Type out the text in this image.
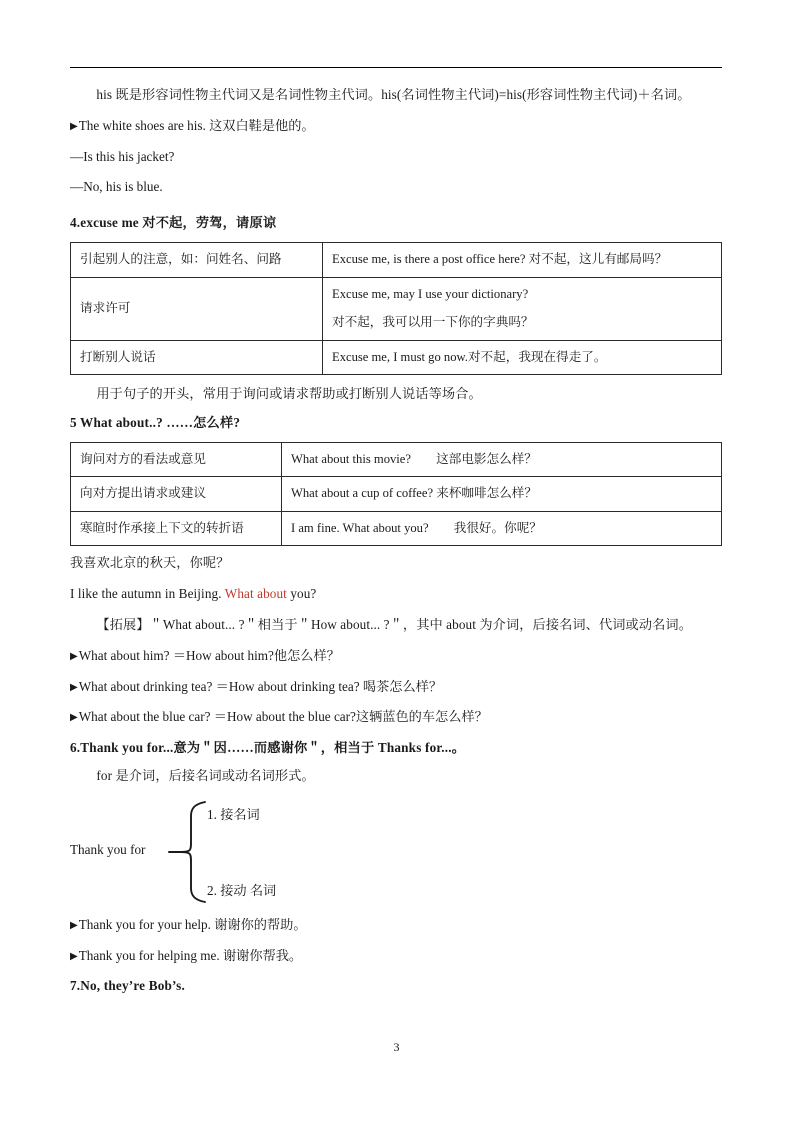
his 既是形容词性物主代词又是名词性物主代词。his(名词性物主代词)=his(形容词性物主代词)＋名词。

▶The white shoes are his. 这双白鞋是他的。

—Is this his jacket?

—No, his is blue.

4.excuse me 对不起，劳驾，请原谅

引起别人的注意，如：问姓名、问路	Excuse me, is there a post office here? 对不起，这儿有邮局吗？

请求许可	Excuse me, may I use your dictionary?

对不起，我可以用一下你的字典吗？

打断别人说话	Excuse me, I must go now.对不起，我现在得走了。

用于句子的开头，常用于询问或请求帮助或打断别人说话等场合。

5 What about..? ……怎么样?

询问对方的看法或意见	What about this movie?　　这部电影怎么样？

向对方提出请求或建议	What about a cup of coffee? 来杯咖啡怎么样？

寒暄时作承接上下文的转折语	I am fine. What about you?　　我很好。你呢？

我喜欢北京的秋天，你呢？

I like the autumn in Beijing. What about you?

【拓展】＂What about... ?＂相当于＂How about... ?＂，其中 about 为介词，后接名词、代词或动名词。

▶What about him? ＝How about him?他怎么样？

▶What about drinking tea? ＝How about drinking tea? 喝茶怎么样？

▶What about the blue car? ＝How about the blue car?这辆蓝色的车怎么样？

6.Thank you for...意为＂因……而感谢你＂，相当于 Thanks for...。

for 是介词，后接名词或动名词形式。

Thank you for
1. 接名词
2. 接动 名词

▶Thank you for your help. 谢谢你的帮助。

▶Thank you for helping me. 谢谢你帮我。

7.No, they’re Bob’s.

3
